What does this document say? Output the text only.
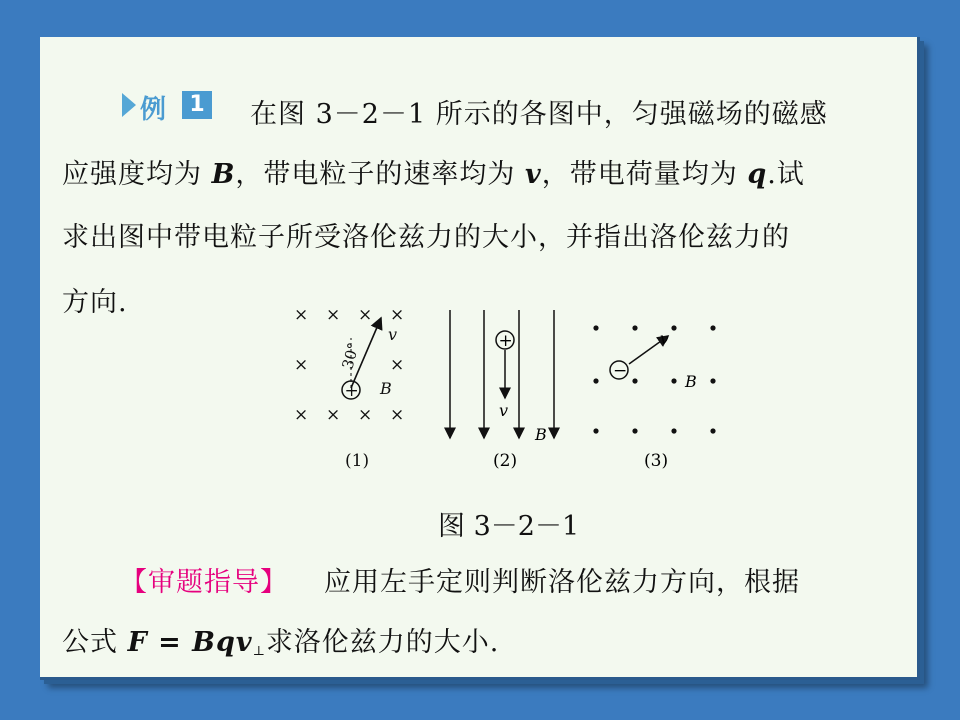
例	1 在图 3－2－1 所示的各图中，匀强磁场的磁感
应强度均为 B，带电粒子的速率均为 v，带电荷量均为 q.试
求出图中带电粒子所受洛伦兹力的大小，并指出洛伦兹力的
方向.	× × × ×
×	×
× × × ×
30°
v
+ B
(1)
+
v
B
(2)
−
v
B
(3)
图 3－2－1
【审题指导】 应用左手定则判断洛伦兹力方向，根据
公式 F = Bqv$_\perp$求洛伦兹力的大小.
